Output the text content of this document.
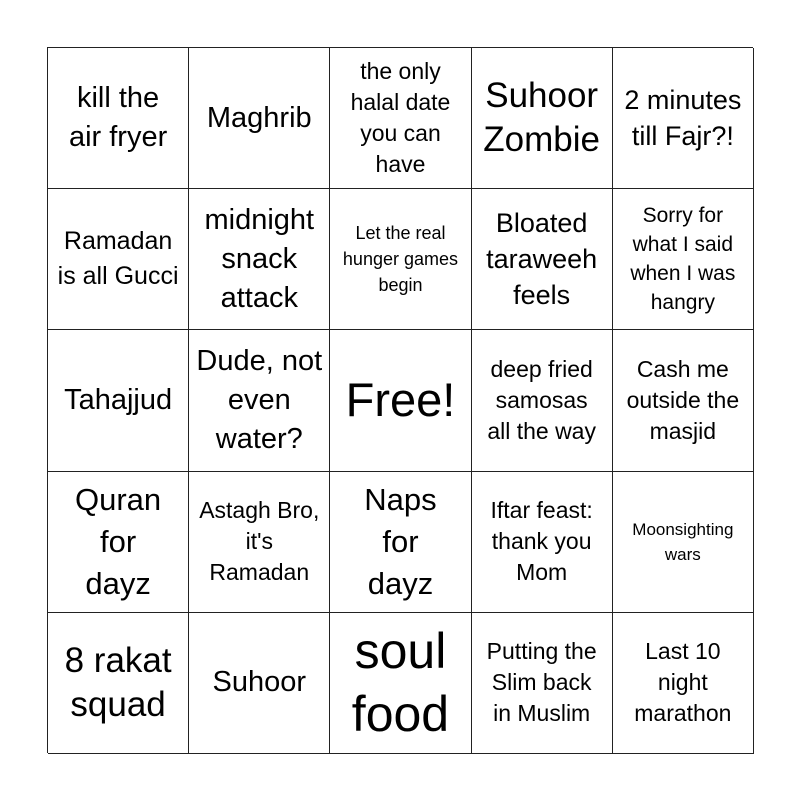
kill the air fryer
Maghrib
the only halal date you can have
Suhoor Zombie
2 minutes till Fajr?!
Ramadan is all Gucci
midnight snack attack
Let the real hunger games begin
Bloated taraweeh feels
Sorry for what I said when I was hangry
Tahajjud
Dude, not even water?
Free!
deep fried samosas all the way
Cash me outside the masjid
Quran for dayz
Astagh Bro, it's Ramadan
Naps for dayz
Iftar feast: thank you Mom
Moonsighting wars
8 rakat squad
Suhoor
soul food
Putting the Slim back in Muslim
Last 10 night marathon
